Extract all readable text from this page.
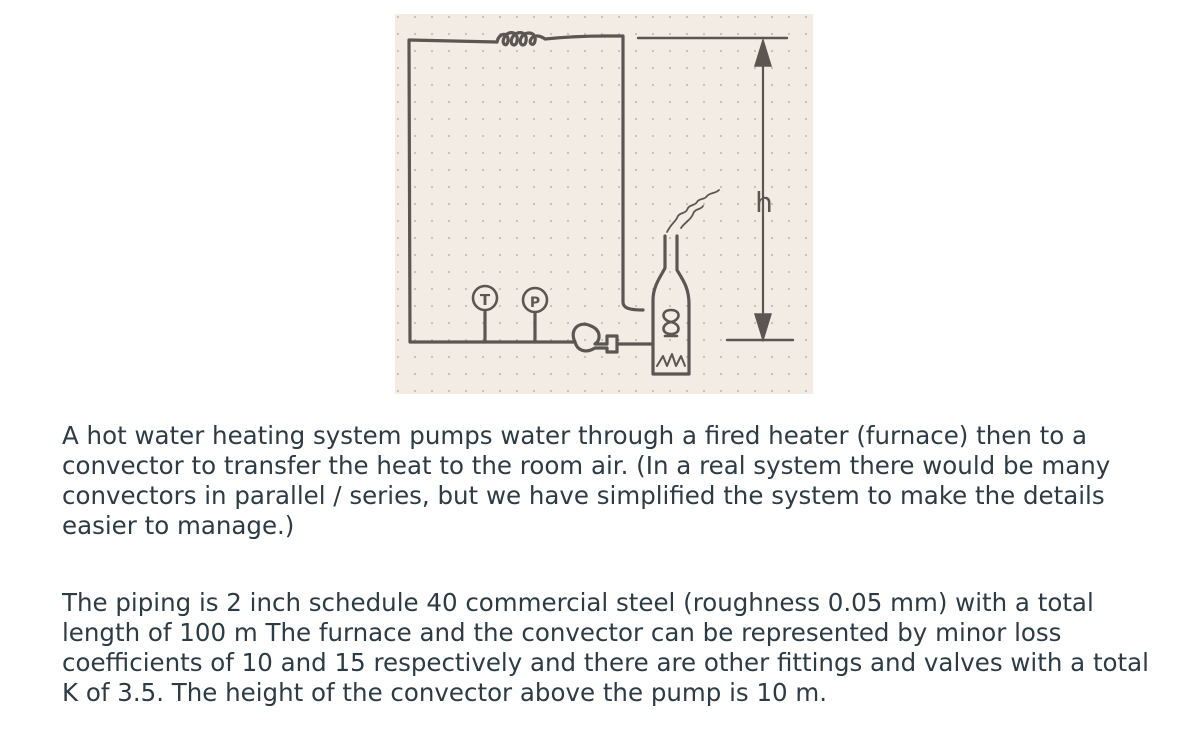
T	P
h

A hot water heating system pumps water through a fired heater (furnace) then to a convector to transfer the heat to the room air. (In a real system there would be many convectors in parallel / series, but we have simplified the system to make the details easier to manage.)

The piping is 2 inch schedule 40 commercial steel (roughness 0.05 mm) with a total length of 100 m The furnace and the convector can be represented by minor loss coefficients of 10 and 15 respectively and there are other fittings and valves with a total K of 3.5. The height of the convector above the pump is 10 m.
